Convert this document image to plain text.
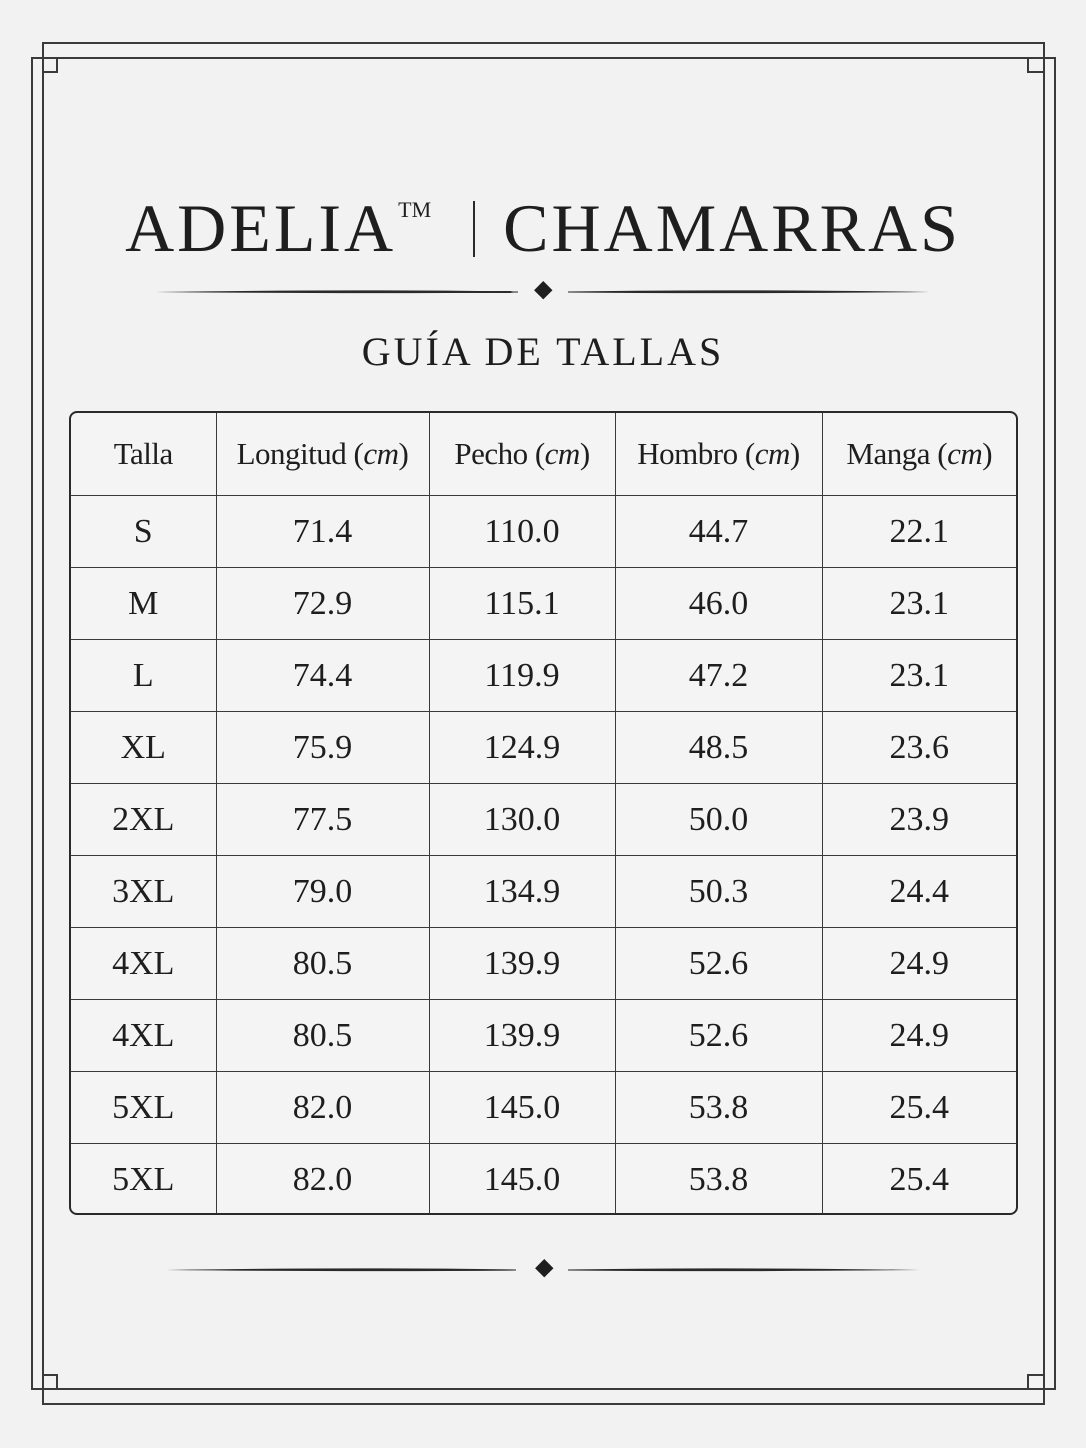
ADELIA™ CHAMARRAS
GUÍA DE TALLAS
Talla	Longitud (cm)	Pecho (cm)	Hombro (cm)	Manga (cm)
S	71.4	110.0	44.7	22.1
M	72.9	115.1	46.0	23.1
L	74.4	119.9	47.2	23.1
XL	75.9	124.9	48.5	23.6
2XL	77.5	130.0	50.0	23.9
3XL	79.0	134.9	50.3	24.4
4XL	80.5	139.9	52.6	24.9
4XL	80.5	139.9	52.6	24.9
5XL	82.0	145.0	53.8	25.4
5XL	82.0	145.0	53.8	25.4
